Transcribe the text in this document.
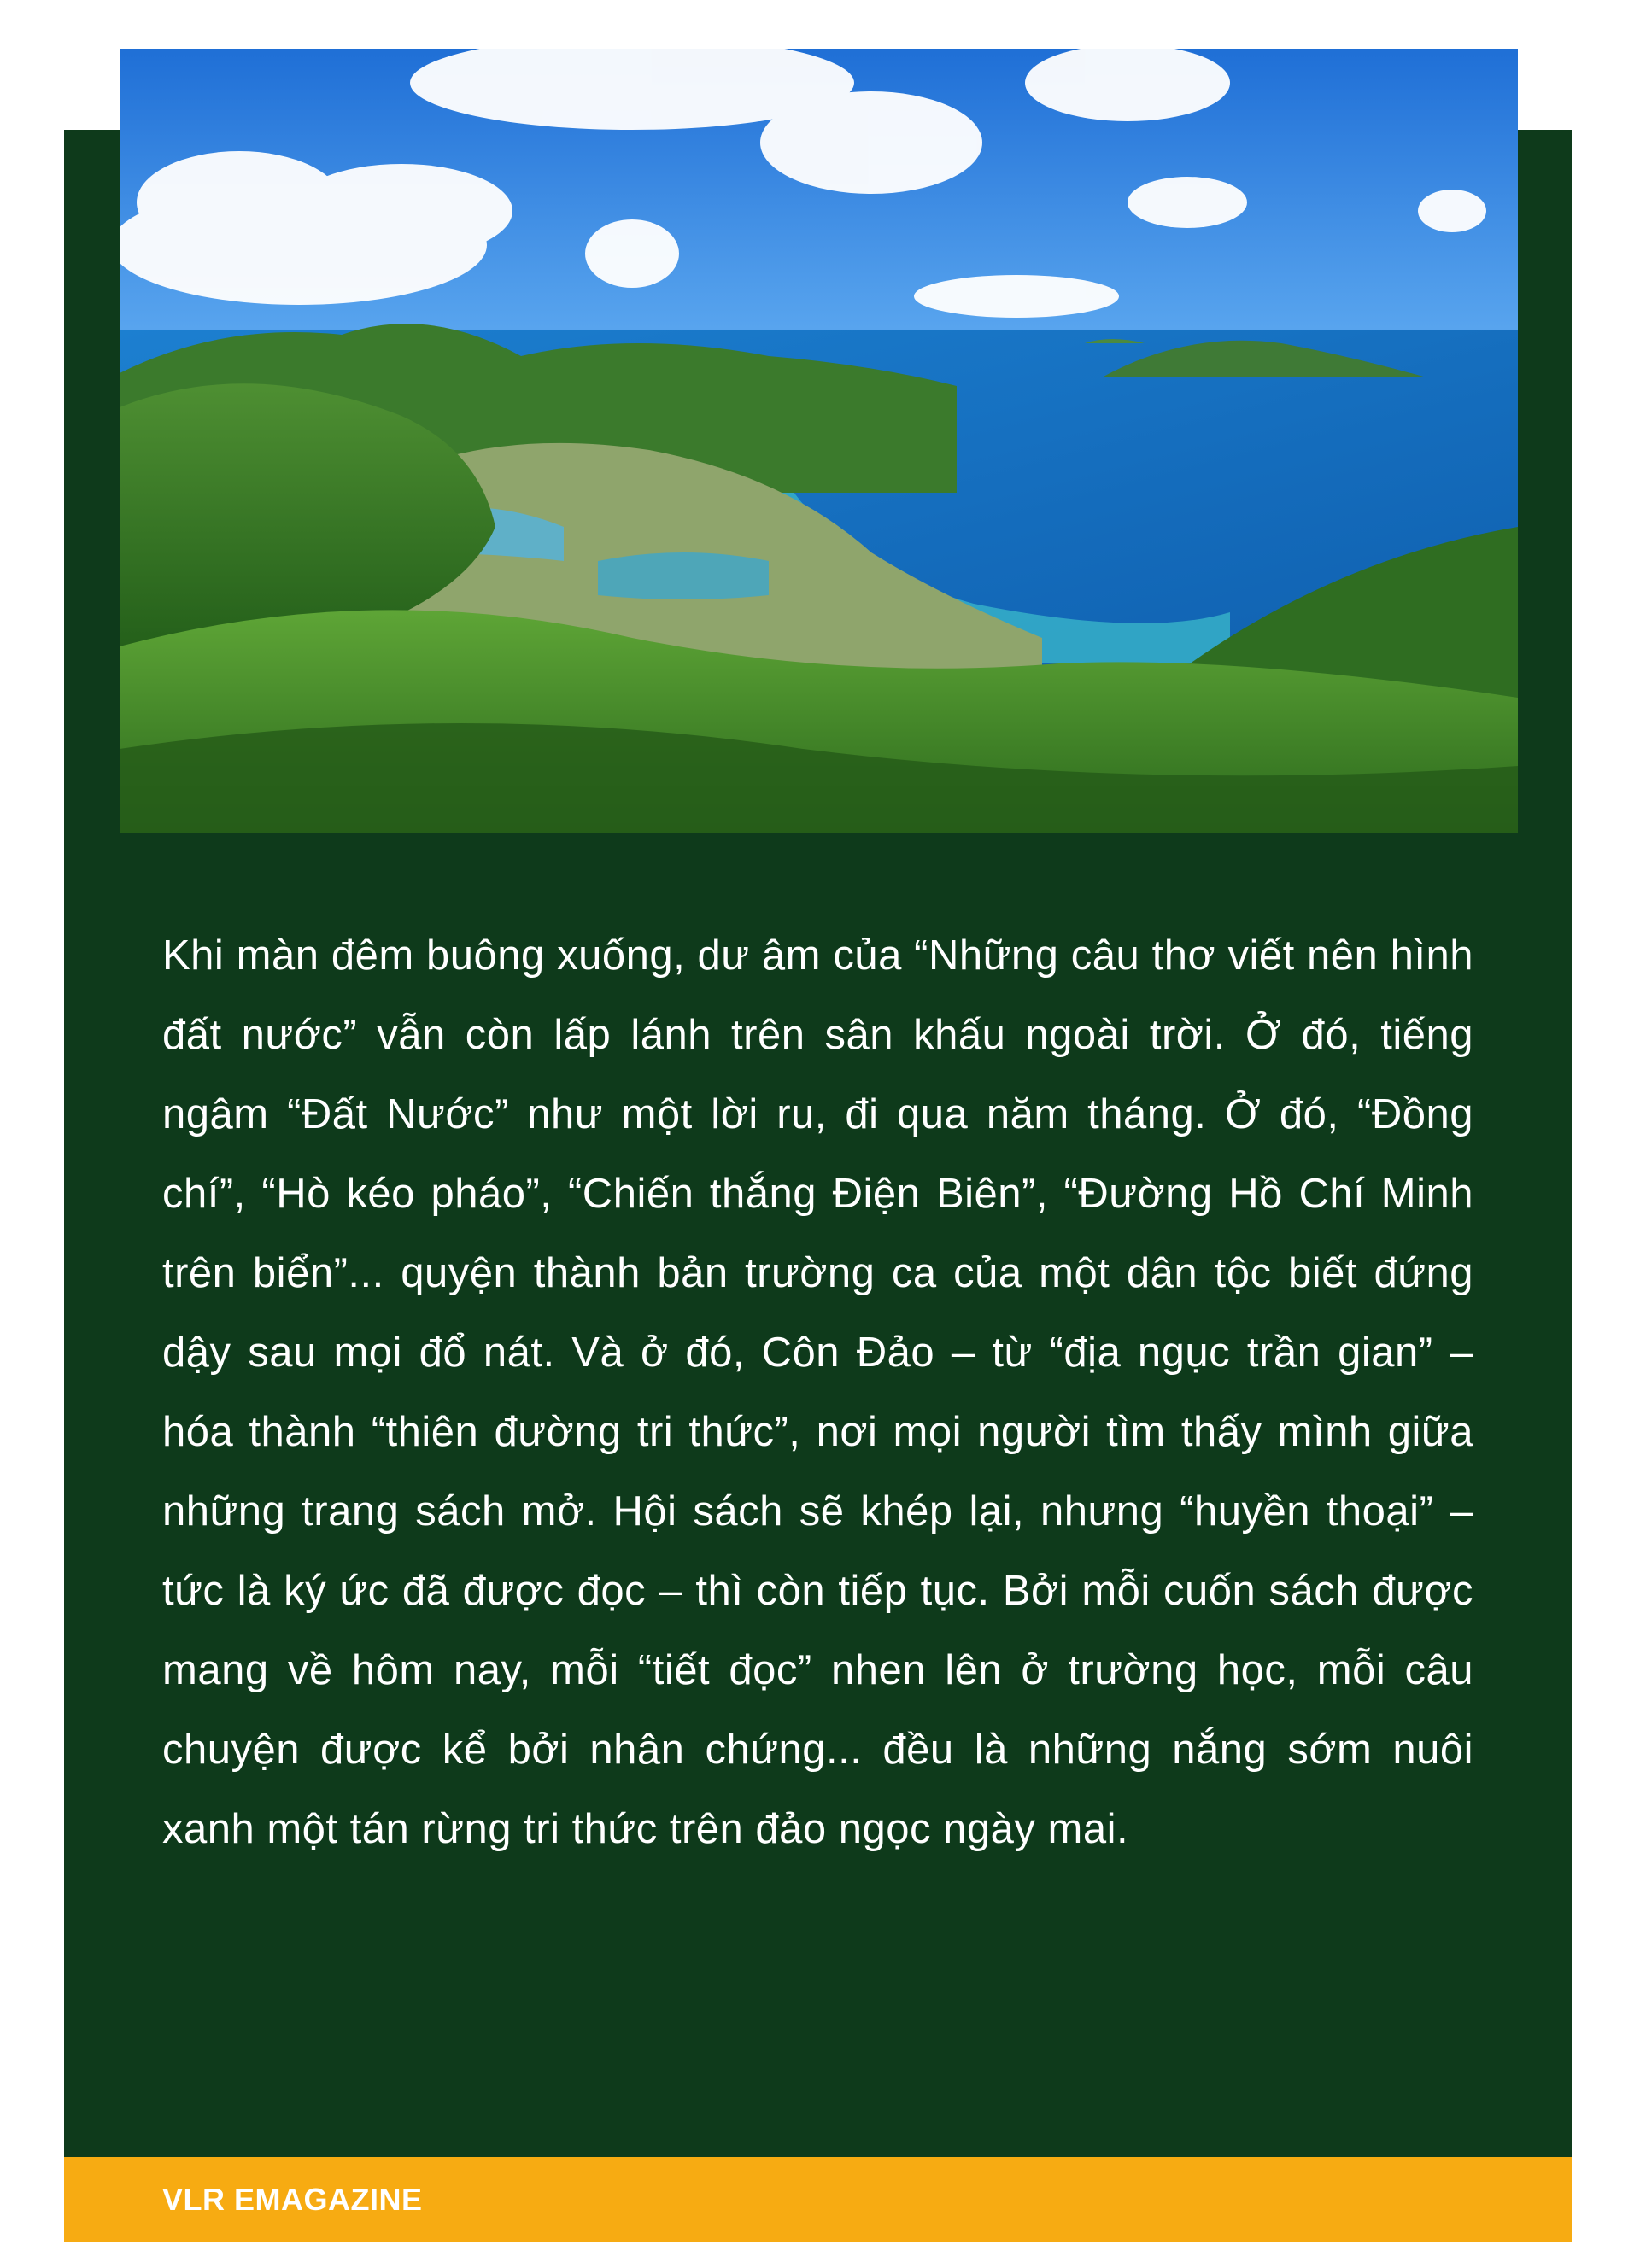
Khi màn đêm buông xuống, dư âm của “Những câu thơ viết nên hình đất nước” vẫn còn lấp lánh trên sân khấu ngoài trời. Ở đó, tiếng ngâm “Đất Nước” như một lời ru, đi qua năm tháng. Ở đó, “Đồng chí”, “Hò kéo pháo”, “Chiến thắng Điện Biên”, “Đường Hồ Chí Minh trên biển”... quyện thành bản trường ca của một dân tộc biết đứng dậy sau mọi đổ nát. Và ở đó, Côn Đảo – từ “địa ngục trần gian” – hóa thành “thiên đường tri thức”, nơi mọi người tìm thấy mình giữa những trang sách mở. Hội sách sẽ khép lại, nhưng “huyền thoại” – tức là ký ức đã được đọc – thì còn tiếp tục. Bởi mỗi cuốn sách được mang về hôm nay, mỗi “tiết đọc” nhen lên ở trường học, mỗi câu chuyện được kể bởi nhân chứng... đều là những nắng sớm nuôi xanh một tán rừng tri thức trên đảo ngọc ngày mai.

VLR EMAGAZINE
